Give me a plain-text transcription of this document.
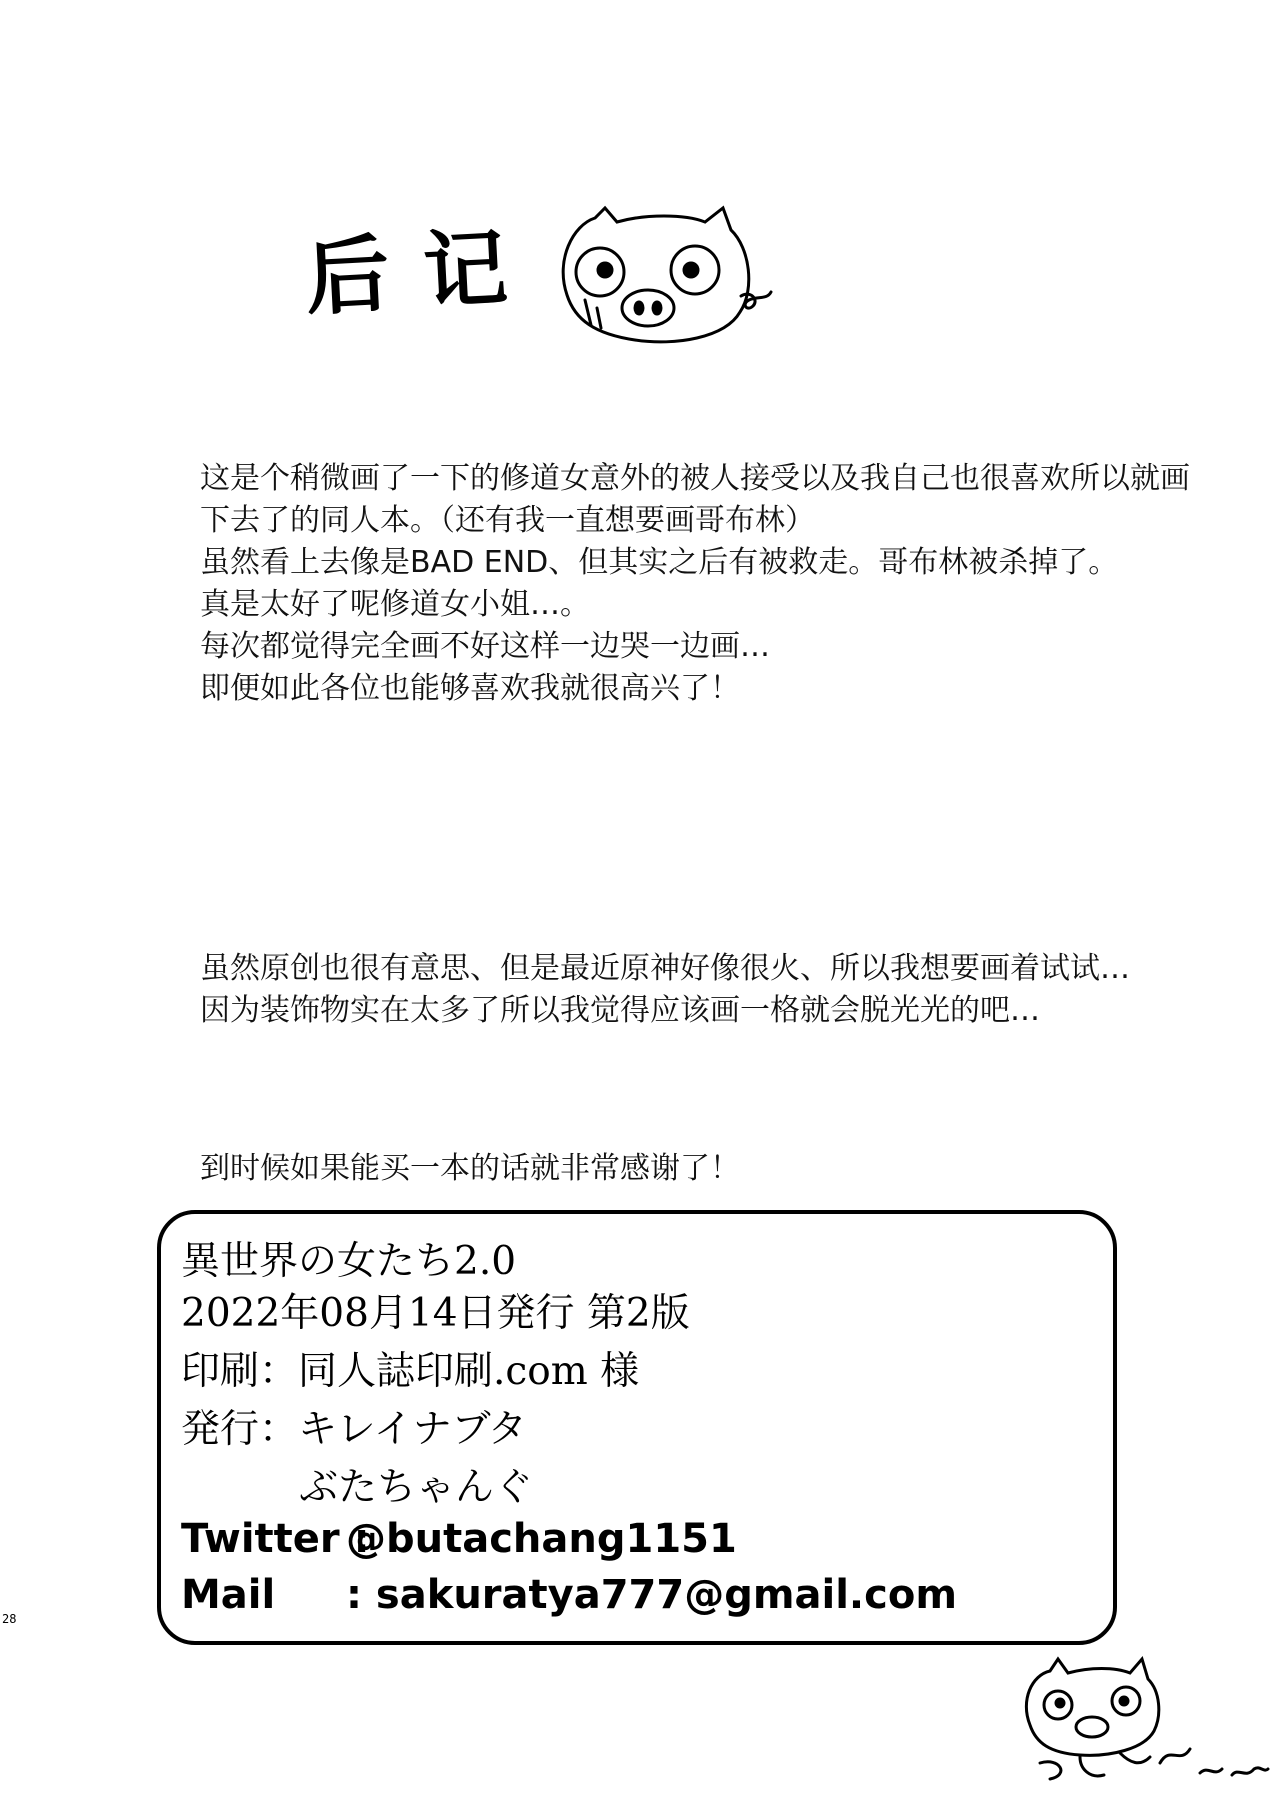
后记
这是个稍微画了一下的修道女意外的被人接受以及我自己也很喜欢所以就画
下去了的同人本。（还有我一直想要画哥布林）
虽然看上去像是BAD END、但其实之后有被救走。哥布林被杀掉了。
真是太好了呢修道女小姐…。
每次都觉得完全画不好这样一边哭一边画…
即便如此各位也能够喜欢我就很高兴了！
虽然原创也很有意思、但是最近原神好像很火、所以我想要画着试试…
因为装饰物实在太多了所以我觉得应该画一格就会脱光光的吧…
到时候如果能买一本的话就非常感谢了！
異世界の女たち2.0
2022年08月14日発行 第2版
印刷：同人誌印刷.com 様
発行：キレイナブタ
ぶたちゃんぐ
Twitter :@butachang1151
Mail : sakuratya777@gmail.com
28
